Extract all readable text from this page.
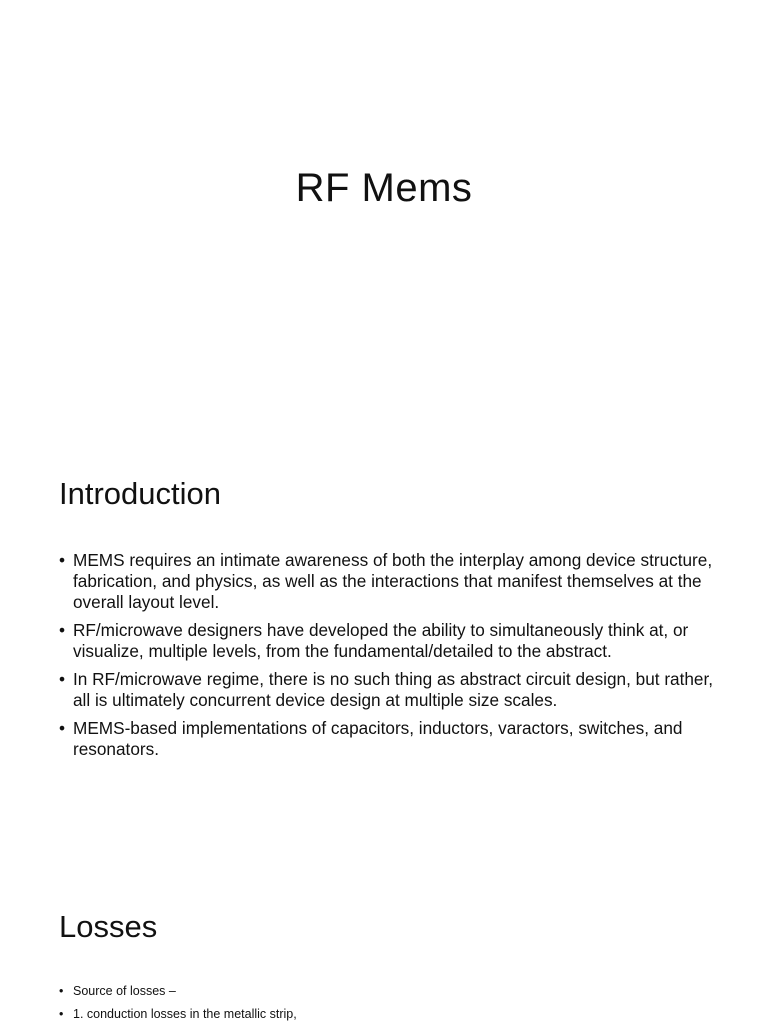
RF Mems
Introduction
• MEMS requires an intimate awareness of both the interplay among device structure, fabrication, and physics, as well as the interactions that manifest themselves at the overall layout level.
• RF/microwave designers have developed the ability to simultaneously think at, or visualize, multiple levels, from the fundamental/detailed to the abstract.
• In RF/microwave regime, there is no such thing as abstract circuit design, but rather, all is ultimately concurrent device design at multiple size scales.
• MEMS-based implementations of capacitors, inductors, varactors, switches, and resonators.
Losses
• Source of losses –
• 1. conduction losses in the metallic strip,
